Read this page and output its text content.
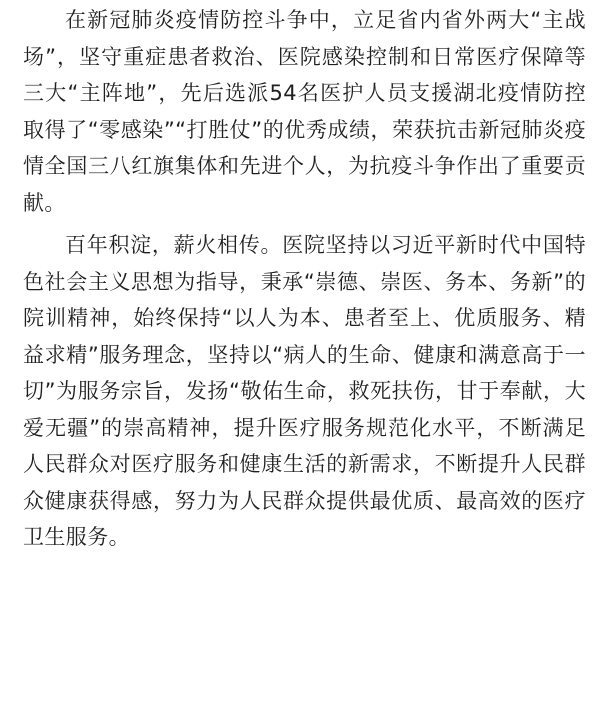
在新冠肺炎疫情防控斗争中，立足省内省外两大“主战场”，坚守重症患者救治、医院感染控制和日常医疗保障等三大“主阵地”，先后选派54名医护人员支援湖北疫情防控取得了“零感染”“打胜仗”的优秀成绩，荣获抗击新冠肺炎疫情全国三八红旗集体和先进个人，为抗疫斗争作出了重要贡献。

百年积淀，薪火相传。医院坚持以习近平新时代中国特色社会主义思想为指导，秉承“崇德、崇医、务本、务新”的院训精神，始终保持“以人为本、患者至上、优质服务、精益求精”服务理念，坚持以“病人的生命、健康和满意高于一切”为服务宗旨，发扬“敬佑生命，救死扶伤，甘于奉献，大爱无疆”的崇高精神，提升医疗服务规范化水平，不断满足人民群众对医疗服务和健康生活的新需求，不断提升人民群众健康获得感，努力为人民群众提供最优质、最高效的医疗卫生服务。
